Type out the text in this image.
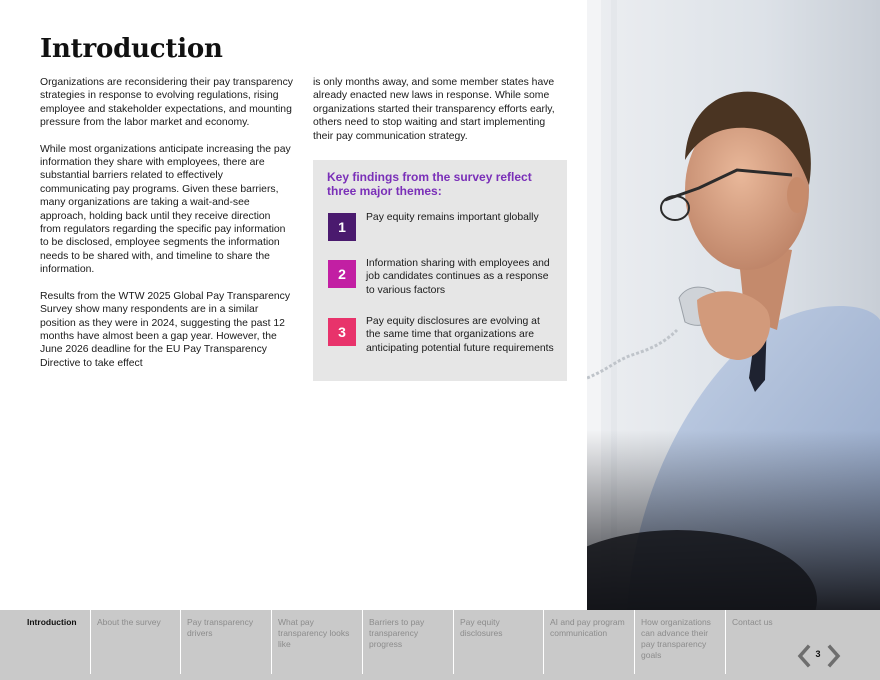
Introduction

Organizations are reconsidering their pay transparency strategies in response to evolving regulations, rising employee and stakeholder expectations, and mounting pressure from the labor market and economy.

While most organizations anticipate increasing the pay information they share with employees, there are substantial barriers related to effectively communicating pay programs. Given these barriers, many organizations are taking a wait-and-see approach, holding back until they receive direction from regulators regarding the specific pay information to be disclosed, employee segments the information needs to be shared with, and timeline to share the information.

Results from the WTW 2025 Global Pay Transparency Survey show many respondents are in a similar position as they were in 2024, suggesting the past 12 months have almost been a gap year. However, the June 2026 deadline for the EU Pay Transparency Directive to take effect

is only months away, and some member states have already enacted new laws in response. While some organizations started their transparency efforts early, others need to stop waiting and start implementing their pay communication strategy.

Key findings from the survey reflect three major themes:
1
Pay equity remains important globally
2
Information sharing with employees and job candidates continues as a response to various factors
3
Pay equity disclosures are evolving at the same time that organizations are anticipating potential future requirements
Introduction	About the survey	Pay transparency drivers
What pay transparency looks like
Barriers to pay transparency progress
Pay equity disclosures
AI and pay program communication
How organizations can advance their pay transparency goals
Contact us
3
